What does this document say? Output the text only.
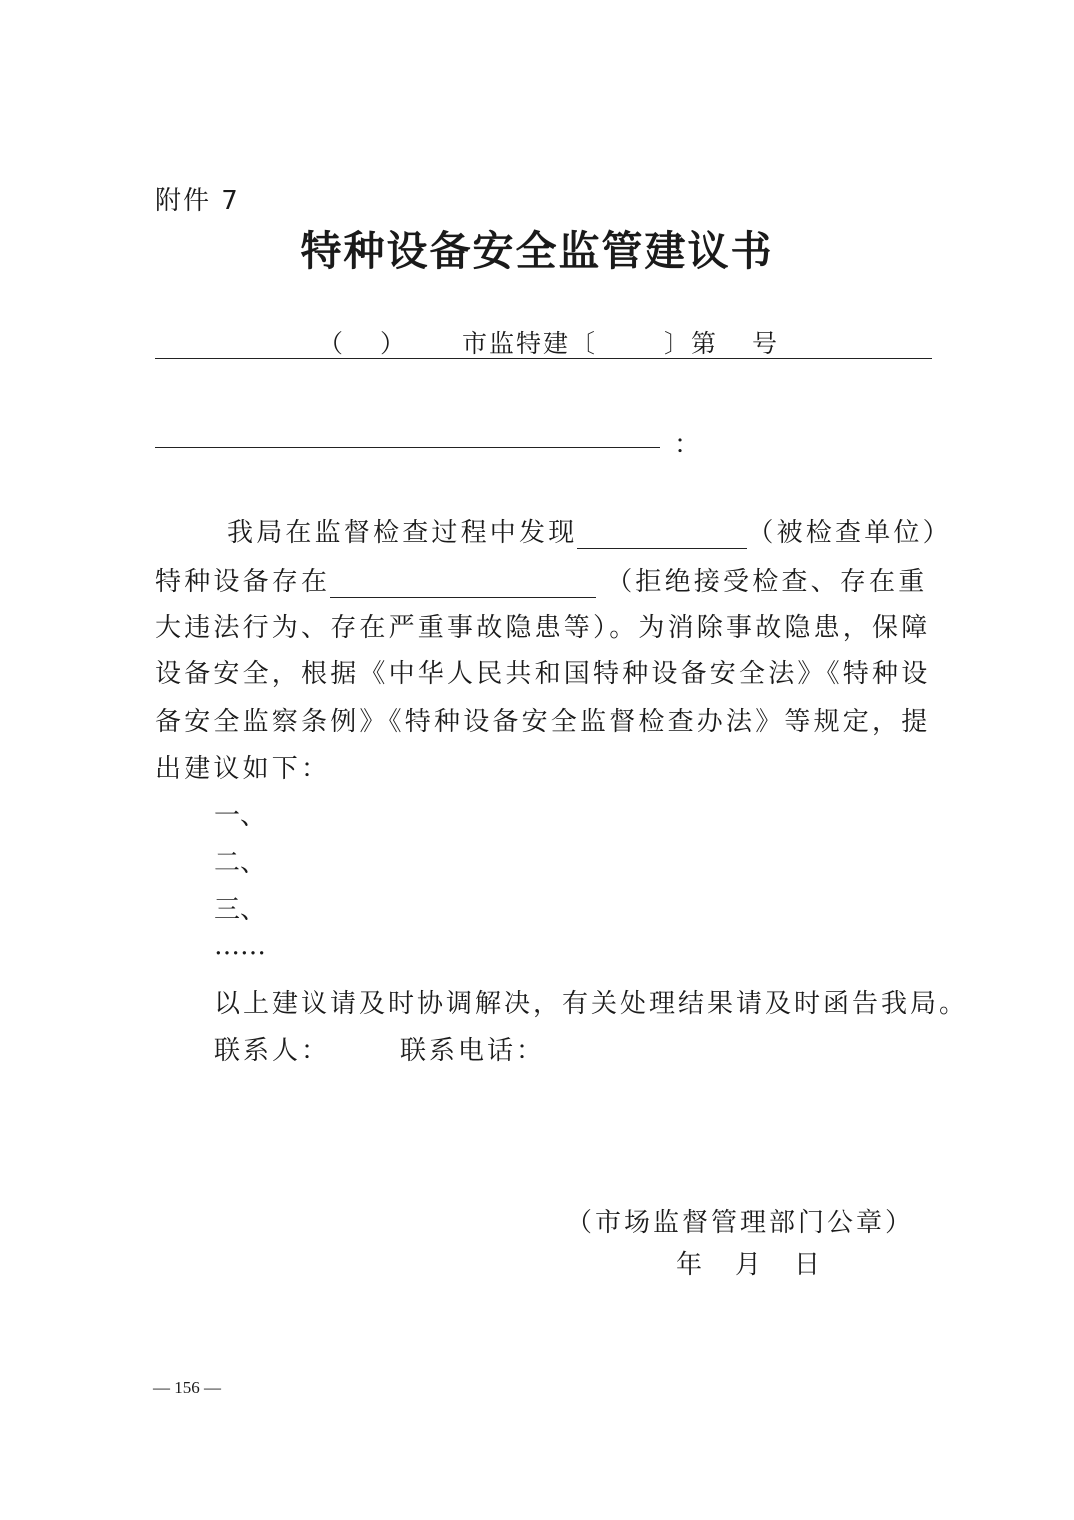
附件 7
特种设备安全监管建议书
（ ） 市监特建〔	〕第 号
：
我局在监督检查过程中发现	（被检查单位）
特种设备存在	（拒绝接受检查、存在重
大违法行为、存在严重事故隐患等）。为消除事故隐患，保障
设备安全，根据《中华人民共和国特种设备安全法》《特种设
备安全监察条例》《特种设备安全监督检查办法》等规定，提
出建议如下：
一、
二、
三、
……
以上建议请及时协调解决，有关处理结果请及时函告我局。
联系人：	联系电话：
（市场监督管理部门公章）
年 月 日
— 156 —
